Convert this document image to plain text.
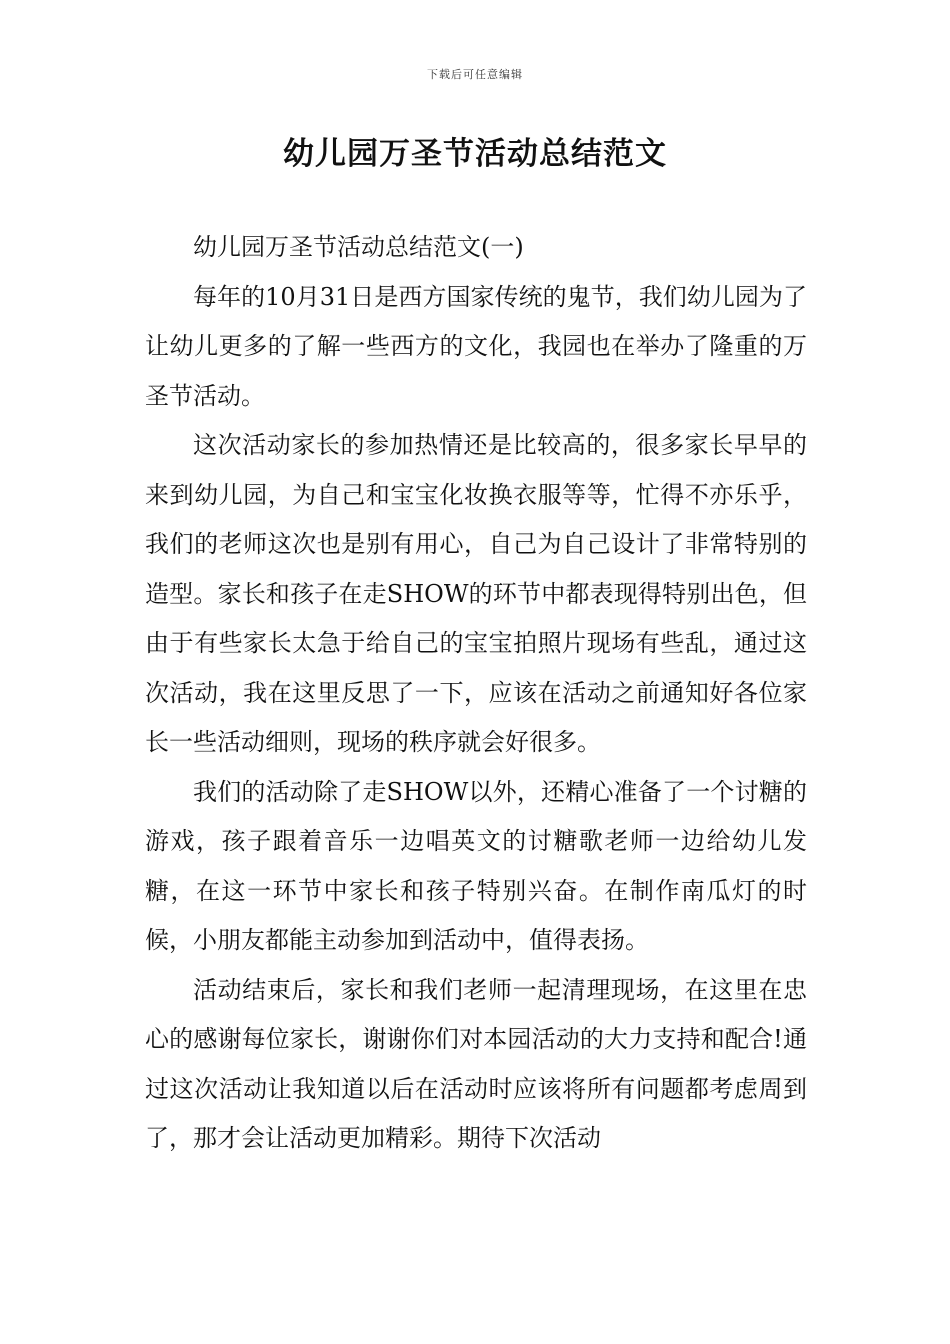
下载后可任意编辑
幼儿园万圣节活动总结范文

幼儿园万圣节活动总结范文(一)

每年的10月31日是西方国家传统的鬼节，我们幼儿园为了让幼儿更多的了解一些西方的文化，我园也在举办了隆重的万圣节活动。

这次活动家长的参加热情还是比较高的，很多家长早早的来到幼儿园，为自己和宝宝化妆换衣服等等，忙得不亦乐乎，我们的老师这次也是别有用心，自己为自己设计了非常特别的造型。家长和孩子在走SHOW的环节中都表现得特别出色，但由于有些家长太急于给自己的宝宝拍照片现场有些乱，通过这次活动，我在这里反思了一下，应该在活动之前通知好各位家长一些活动细则，现场的秩序就会好很多。

我们的活动除了走SHOW以外，还精心准备了一个讨糖的游戏，孩子跟着音乐一边唱英文的讨糖歌老师一边给幼儿发糖，在这一环节中家长和孩子特别兴奋。在制作南瓜灯的时候，小朋友都能主动参加到活动中，值得表扬。

活动结束后，家长和我们老师一起清理现场，在这里在忠心的感谢每位家长，谢谢你们对本园活动的大力支持和配合!通过这次活动让我知道以后在活动时应该将所有问题都考虑周到了，那才会让活动更加精彩。期待下次活动
